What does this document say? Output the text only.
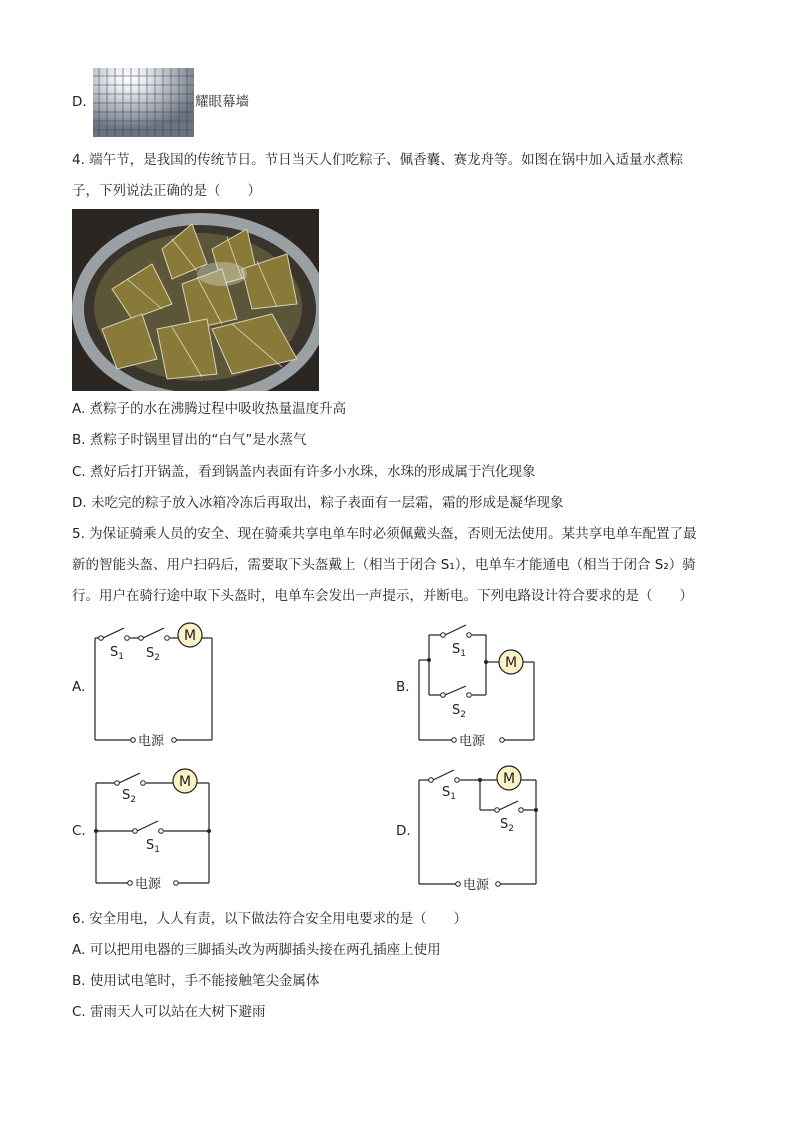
D.	耀眼幕墙
4. 端午节，是我国的传统节日。节日当天人们吃粽子、佩香囊、赛龙舟等。如图在锅中加入适量水煮粽
子，下列说法正确的是（　　）
A. 煮粽子的水在沸腾过程中吸收热量温度升高
B. 煮粽子时锅里冒出的“白气”是水蒸气
C. 煮好后打开锅盖，看到锅盖内表面有许多小水珠，水珠的形成属于汽化现象
D. 未吃完的粽子放入冰箱冷冻后再取出，粽子表面有一层霜，霜的形成是凝华现象
5. 为保证骑乘人员的安全、现在骑乘共享电单车时必须佩戴头盔，否则无法使用。某共享电单车配置了最
新的智能头盔、用户扫码后，需要取下头盔戴上（相当于闭合 S₁），电单车才能通电（相当于闭合 S₂）骑
行。用户在骑行途中取下头盔时，电单车会发出一声提示，并断电。下列电路设计符合要求的是（　　）
A.	B.
C.	D.
M
$S_1$ $S_2$
电源
M
$S_1$
$S_2$
电源
M
$S_2$
$S_1$
电源
M
$S_1$
$S_2$
电源
6. 安全用电，人人有责，以下做法符合安全用电要求的是（　　）
A. 可以把用电器的三脚插头改为两脚插头接在两孔插座上使用
B. 使用试电笔时，手不能接触笔尖金属体
C. 雷雨天人可以站在大树下避雨
